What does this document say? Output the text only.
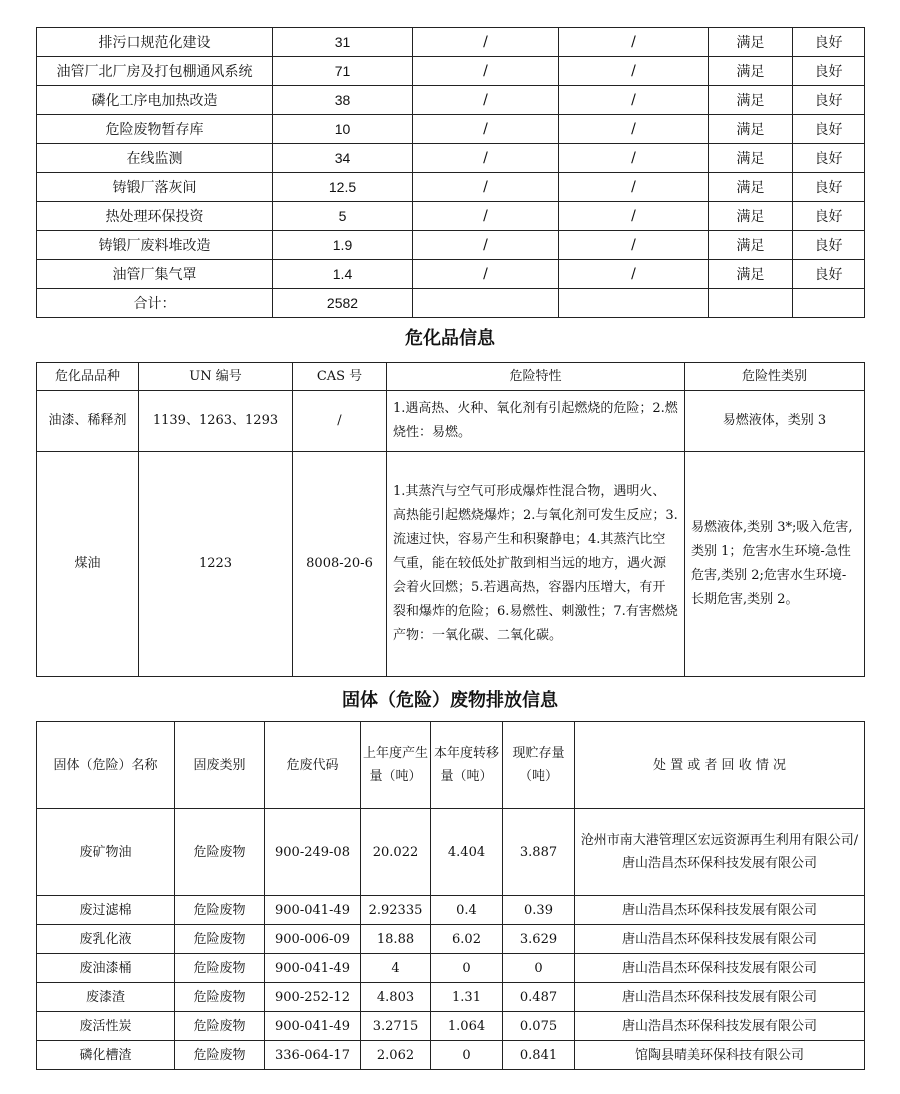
排污口规范化建设	31	/	/	满足	良好
油管厂北厂房及打包棚通风系统	71	/	/	满足	良好
磷化工序电加热改造	38	/	/	满足	良好
危险废物暂存库	10	/	/	满足	良好
在线监测	34	/	/	满足	良好
铸锻厂落灰间	12.5	/	/	满足	良好
热处理环保投资	5	/	/	满足	良好
铸锻厂废料堆改造	1.9	/	/	满足	良好
油管厂集气罩	1.4	/	/	满足	良好
合计：	2582				
危化品信息
危化品品种	UN 编号	CAS 号	危险特性	危险性类别
油漆、稀释剂	1139、1263、1293	/	1.遇高热、火种、氧化剂有引起燃烧的危险；2.燃烧性：易燃。	易燃液体，类别 3
煤油	1223	8008-20-6	1.其蒸汽与空气可形成爆炸性混合物，遇明火、高热能引起燃烧爆炸；2.与氧化剂可发生反应；3.流速过快，容易产生和积聚静电；4.其蒸汽比空气重，能在较低处扩散到相当远的地方，遇火源会着火回燃；5.若遇高热，容器内压增大，有开裂和爆炸的危险；6.易燃性、刺激性；7.有害燃烧产物：一氧化碳、二氧化碳。	易燃液体,类别 3*;吸入危害,类别 1；危害水生环境-急性危害,类别 2;危害水生环境-长期危害,类别 2。
固体（危险）废物排放信息
固体（危险）名称	固废类别	危废代码	上年度产生量（吨）	本年度转移量（吨）	现贮存量（吨）	处 置 或 者 回 收 情 况
废矿物油	危险废物	900-249-08	20.022	4.404	3.887	沧州市南大港管理区宏远资源再生利用有限公司/唐山浩昌杰环保科技发展有限公司
废过滤棉	危险废物	900-041-49	2.92335	0.4	0.39	唐山浩昌杰环保科技发展有限公司
废乳化液	危险废物	900-006-09	18.88	6.02	3.629	唐山浩昌杰环保科技发展有限公司
废油漆桶	危险废物	900-041-49	4	0	0	唐山浩昌杰环保科技发展有限公司
废漆渣	危险废物	900-252-12	4.803	1.31	0.487	唐山浩昌杰环保科技发展有限公司
废活性炭	危险废物	900-041-49	3.2715	1.064	0.075	唐山浩昌杰环保科技发展有限公司
磷化槽渣	危险废物	336-064-17	2.062	0	0.841	馆陶县晴美环保科技有限公司
